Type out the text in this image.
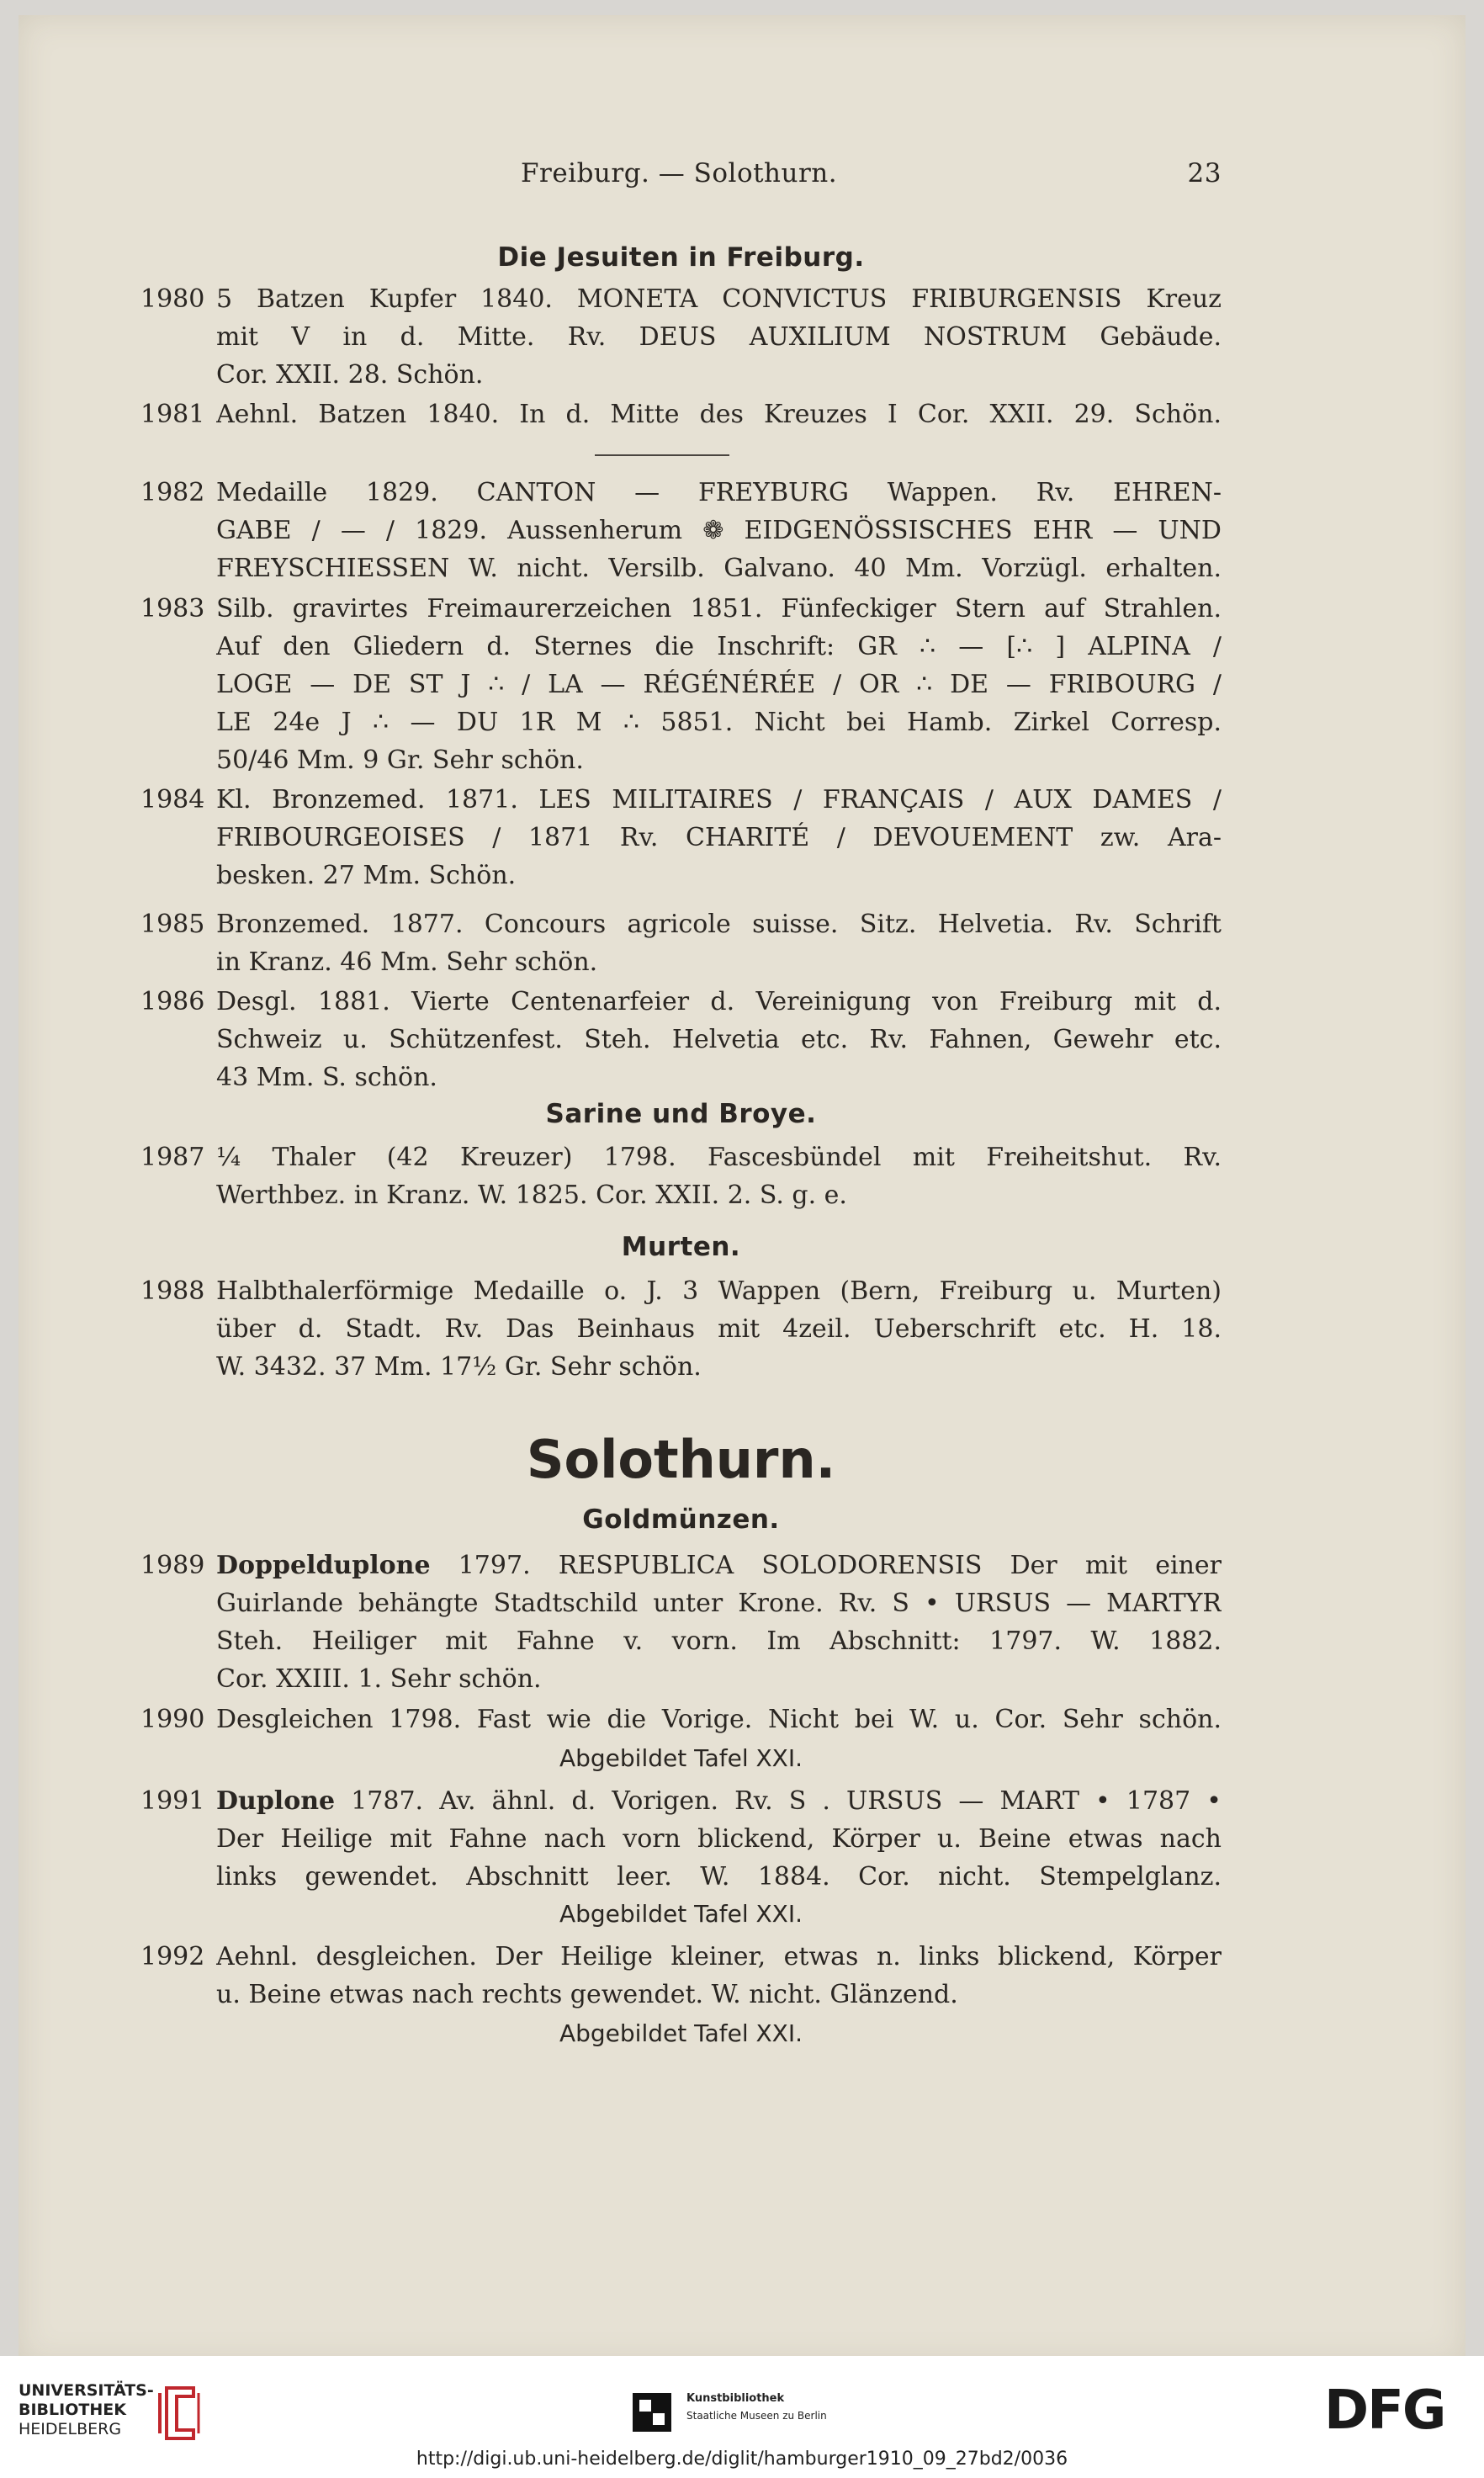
Freiburg. — Solothurn.	23
Die Jesuiten in Freiburg.
1980 5 Batzen Kupfer 1840. MONETA CONVICTUS FRIBURGENSIS Kreuz
mit V in d. Mitte. Rv. DEUS AUXILIUM NOSTRUM Gebäude.
Cor. XXII. 28. Schön.
1981 Aehnl. Batzen 1840. In d. Mitte des Kreuzes I Cor. XXII. 29. Schön.
1982 Medaille 1829. CANTON — FREYBURG Wappen. Rv. EHREN-
GABE / — / 1829. Aussenherum ❁ EIDGENÖSSISCHES EHR — UND
FREYSCHIESSEN W. nicht. Versilb. Galvano. 40 Mm. Vorzügl. erhalten.
1983 Silb. gravirtes Freimaurerzeichen 1851. Fünfeckiger Stern auf Strahlen.
Auf den Gliedern d. Sternes die Inschrift: GR ∴ — [∴ ] ALPINA /
LOGE — DE ST J ∴ / LA — RÉGÉNÉRÉE / OR ∴ DE — FRIBOURG /
LE 24e J ∴ — DU 1R M ∴ 5851. Nicht bei Hamb. Zirkel Corresp.
50/46 Mm. 9 Gr. Sehr schön.
1984 Kl. Bronzemed. 1871. LES MILITAIRES / FRANÇAIS / AUX DAMES /
FRIBOURGEOISES / 1871 Rv. CHARITÉ / DEVOUEMENT zw. Ara-
besken. 27 Mm. Schön.
1985 Bronzemed. 1877. Concours agricole suisse. Sitz. Helvetia. Rv. Schrift
in Kranz. 46 Mm. Sehr schön.
1986 Desgl. 1881. Vierte Centenarfeier d. Vereinigung von Freiburg mit d.
Schweiz u. Schützenfest. Steh. Helvetia etc. Rv. Fahnen, Gewehr etc.
43 Mm. S. schön.
Sarine und Broye.
1987 ¼ Thaler (42 Kreuzer) 1798. Fascesbündel mit Freiheitshut. Rv.
Werthbez. in Kranz. W. 1825. Cor. XXII. 2. S. g. e.
Murten.
1988 Halbthalerförmige Medaille o. J. 3 Wappen (Bern, Freiburg u. Murten)
über d. Stadt. Rv. Das Beinhaus mit 4zeil. Ueberschrift etc. H. 18.
W. 3432. 37 Mm. 17½ Gr. Sehr schön.
Solothurn.
Goldmünzen.
1989 Doppelduplone 1797. RESPUBLICA SOLODORENSIS Der mit einer
Guirlande behängte Stadtschild unter Krone. Rv. S • URSUS — MARTYR
Steh. Heiliger mit Fahne v. vorn. Im Abschnitt: 1797. W. 1882.
Cor. XXIII. 1. Sehr schön.
1990 Desgleichen 1798. Fast wie die Vorige. Nicht bei W. u. Cor. Sehr schön.
Abgebildet Tafel XXI.
1991 Duplone 1787. Av. ähnl. d. Vorigen. Rv. S . URSUS — MART • 1787 •
Der Heilige mit Fahne nach vorn blickend, Körper u. Beine etwas nach
links gewendet. Abschnitt leer. W. 1884. Cor. nicht. Stempelglanz.
Abgebildet Tafel XXI.
1992 Aehnl. desgleichen. Der Heilige kleiner, etwas n. links blickend, Körper
u. Beine etwas nach rechts gewendet. W. nicht. Glänzend.
Abgebildet Tafel XXI.
UNIVERSITÄTS-
BIBLIOTHEK
HEIDELBERG
Kunstbibliothek
Staatliche Museen zu Berlin	DFG
http://digi.ub.uni-heidelberg.de/diglit/hamburger1910_09_27bd2/0036
